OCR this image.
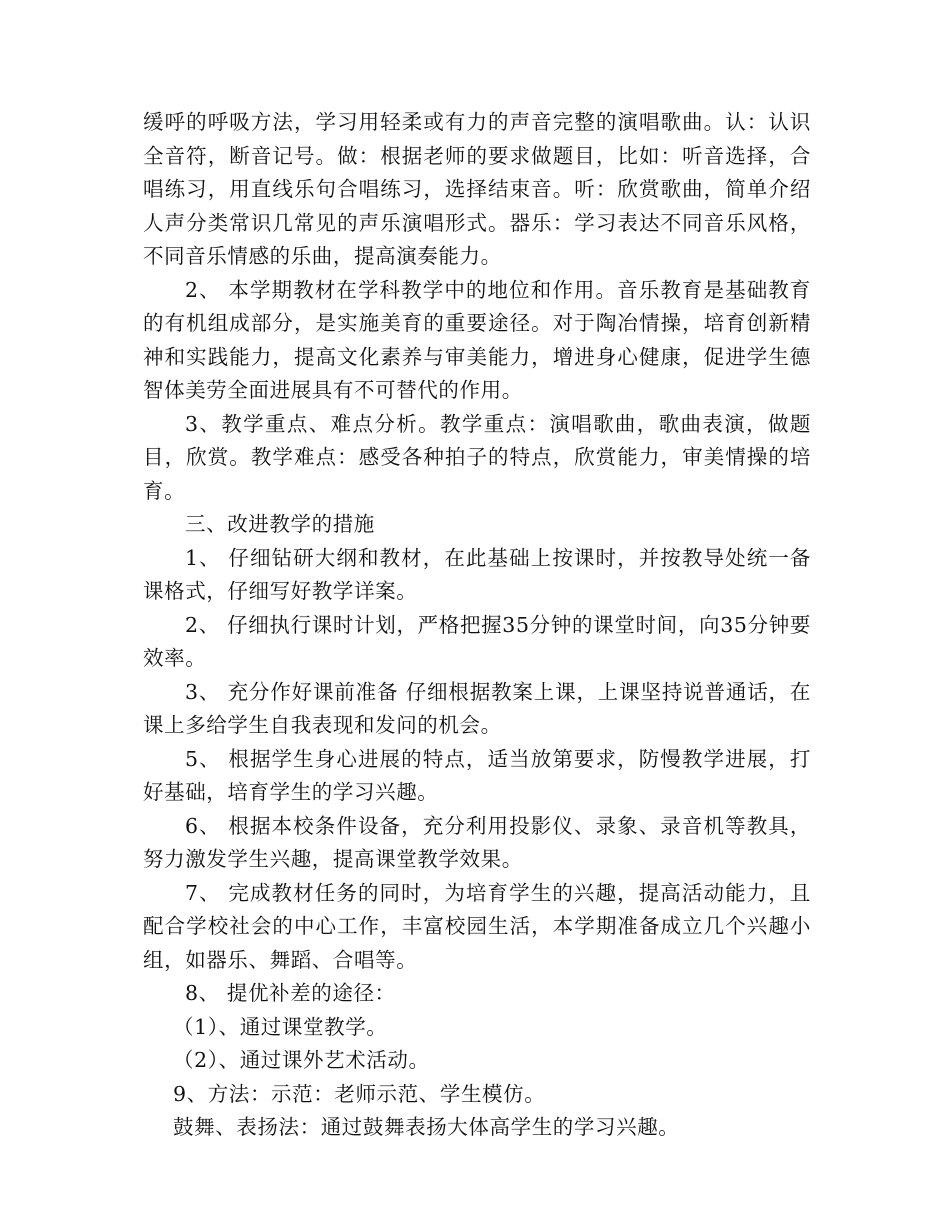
缓呼的呼吸方法，学习用轻柔或有力的声音完整的演唱歌曲。认：认识全音符，断音记号。做：根据老师的要求做题目，比如：听音选择，合唱练习，用直线乐句合唱练习，选择结束音。听：欣赏歌曲，简单介绍人声分类常识几常见的声乐演唱形式。器乐：学习表达不同音乐风格，不同音乐情感的乐曲，提高演奏能力。

2、 本学期教材在学科教学中的地位和作用。音乐教育是基础教育的有机组成部分，是实施美育的重要途径。对于陶冶情操，培育创新精神和实践能力，提高文化素养与审美能力，增进身心健康，促进学生德智体美劳全面进展具有不可替代的作用。

3、教学重点、难点分析。教学重点：演唱歌曲，歌曲表演，做题目，欣赏。教学难点：感受各种拍子的特点，欣赏能力，审美情操的培育。

三、改进教学的措施

1、 仔细钻研大纲和教材，在此基础上按课时，并按教导处统一备课格式，仔细写好教学详案。

2、 仔细执行课时计划，严格把握35分钟的课堂时间，向35分钟要效率。

3、 充分作好课前准备 仔细根据教案上课，上课坚持说普通话，在课上多给学生自我表现和发问的机会。

5、 根据学生身心进展的特点，适当放第要求，防慢教学进展，打好基础，培育学生的学习兴趣。

6、 根据本校条件设备，充分利用投影仪、录象、录音机等教具，努力激发学生兴趣，提高课堂教学效果。

7、 完成教材任务的同时，为培育学生的兴趣，提高活动能力，且配合学校社会的中心工作，丰富校园生活，本学期准备成立几个兴趣小组，如器乐、舞蹈、合唱等。

8、 提优补差的途径：

（1）、通过课堂教学。

（2）、通过课外艺术活动。

9、方法：示范：老师示范、学生模仿。

鼓舞、表扬法：通过鼓舞表扬大体高学生的学习兴趣。
